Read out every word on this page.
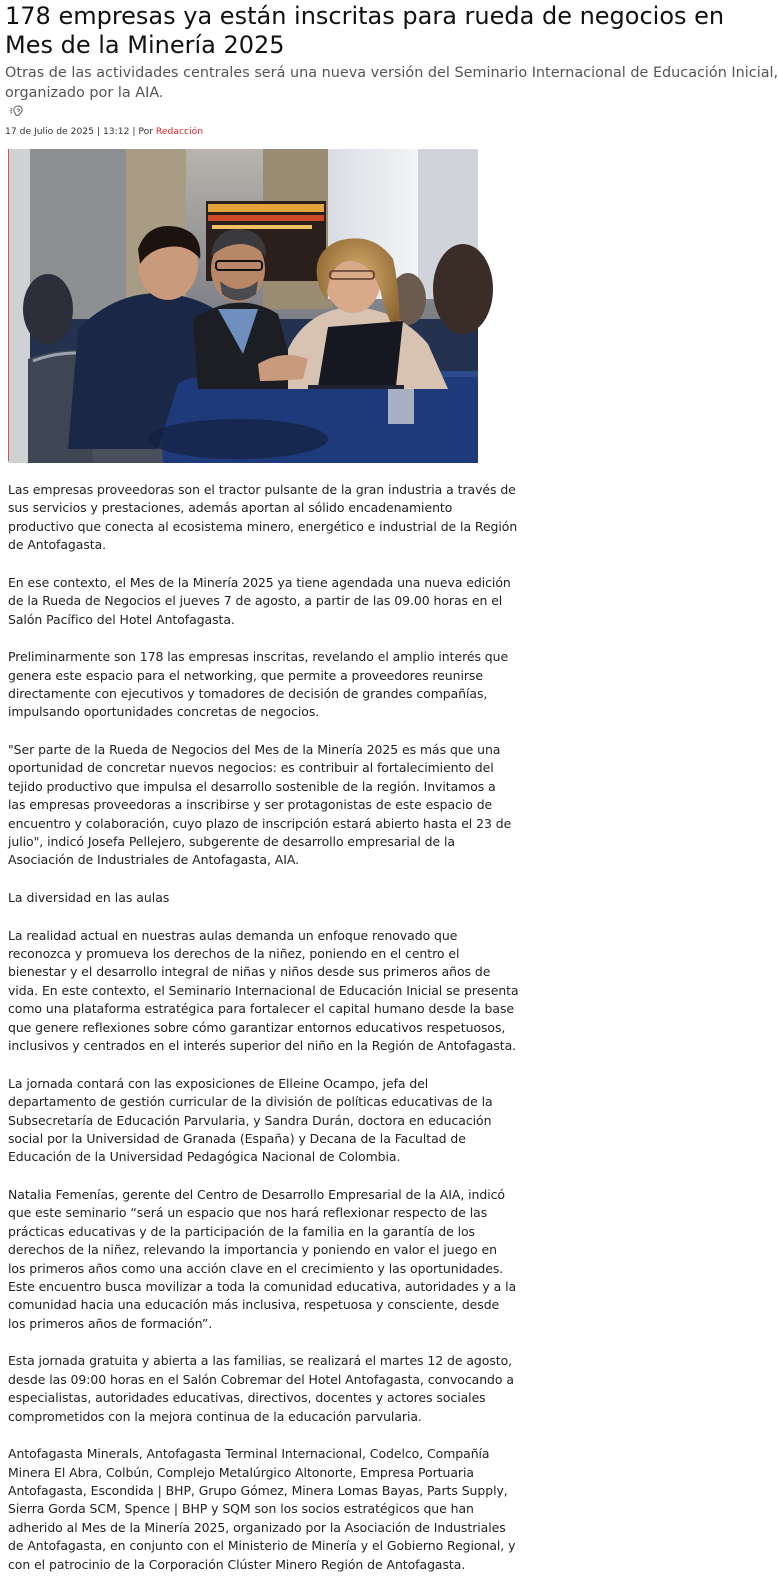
178 empresas ya están inscritas para rueda de negocios en
Mes de la Minería 2025
Otras de las actividades centrales será una nueva versión del Seminario Internacional de Educación Inicial,
organizado por la AIA.
17 de Julio de 2025 | 13:12 | Por Redacción

Las empresas proveedoras son el tractor pulsante de la gran industria a través de
sus servicios y prestaciones, además aportan al sólido encadenamiento
productivo que conecta al ecosistema minero, energético e industrial de la Región
de Antofagasta.

En ese contexto, el Mes de la Minería 2025 ya tiene agendada una nueva edición
de la Rueda de Negocios el jueves 7 de agosto, a partir de las 09.00 horas en el
Salón Pacífico del Hotel Antofagasta.

Preliminarmente son 178 las empresas inscritas, revelando el amplio interés que
genera este espacio para el networking, que permite a proveedores reunirse
directamente con ejecutivos y tomadores de decisión de grandes compañías,
impulsando oportunidades concretas de negocios.

"Ser parte de la Rueda de Negocios del Mes de la Minería 2025 es más que una
oportunidad de concretar nuevos negocios: es contribuir al fortalecimiento del
tejido productivo que impulsa el desarrollo sostenible de la región. Invitamos a
las empresas proveedoras a inscribirse y ser protagonistas de este espacio de
encuentro y colaboración, cuyo plazo de inscripción estará abierto hasta el 23 de
julio", indicó Josefa Pellejero, subgerente de desarrollo empresarial de la
Asociación de Industriales de Antofagasta, AIA.

La diversidad en las aulas

La realidad actual en nuestras aulas demanda un enfoque renovado que
reconozca y promueva los derechos de la niñez, poniendo en el centro el
bienestar y el desarrollo integral de niñas y niños desde sus primeros años de
vida. En este contexto, el Seminario Internacional de Educación Inicial se presenta
como una plataforma estratégica para fortalecer el capital humano desde la base
que genere reflexiones sobre cómo garantizar entornos educativos respetuosos,
inclusivos y centrados en el interés superior del niño en la Región de Antofagasta.

La jornada contará con las exposiciones de Elleine Ocampo, jefa del
departamento de gestión curricular de la división de políticas educativas de la
Subsecretaría de Educación Parvularia, y Sandra Durán, doctora en educación
social por la Universidad de Granada (España) y Decana de la Facultad de
Educación de la Universidad Pedagógica Nacional de Colombia.

Natalia Femenías, gerente del Centro de Desarrollo Empresarial de la AIA, indicó
que este seminario “será un espacio que nos hará reflexionar respecto de las
prácticas educativas y de la participación de la familia en la garantía de los
derechos de la niñez, relevando la importancia y poniendo en valor el juego en
los primeros años como una acción clave en el crecimiento y las oportunidades.
Este encuentro busca movilizar a toda la comunidad educativa, autoridades y a la
comunidad hacia una educación más inclusiva, respetuosa y consciente, desde
los primeros años de formación”.

Esta jornada gratuita y abierta a las familias, se realizará el martes 12 de agosto,
desde las 09:00 horas en el Salón Cobremar del Hotel Antofagasta, convocando a
especialistas, autoridades educativas, directivos, docentes y actores sociales
comprometidos con la mejora continua de la educación parvularia.

Antofagasta Minerals, Antofagasta Terminal Internacional, Codelco, Compañía
Minera El Abra, Colbún, Complejo Metalúrgico Altonorte, Empresa Portuaria
Antofagasta, Escondida | BHP, Grupo Gómez, Minera Lomas Bayas, Parts Supply,
Sierra Gorda SCM, Spence | BHP y SQM son los socios estratégicos que han
adherido al Mes de la Minería 2025, organizado por la Asociación de Industriales
de Antofagasta, en conjunto con el Ministerio de Minería y el Gobierno Regional, y
con el patrocinio de la Corporación Clúster Minero Región de Antofagasta.
